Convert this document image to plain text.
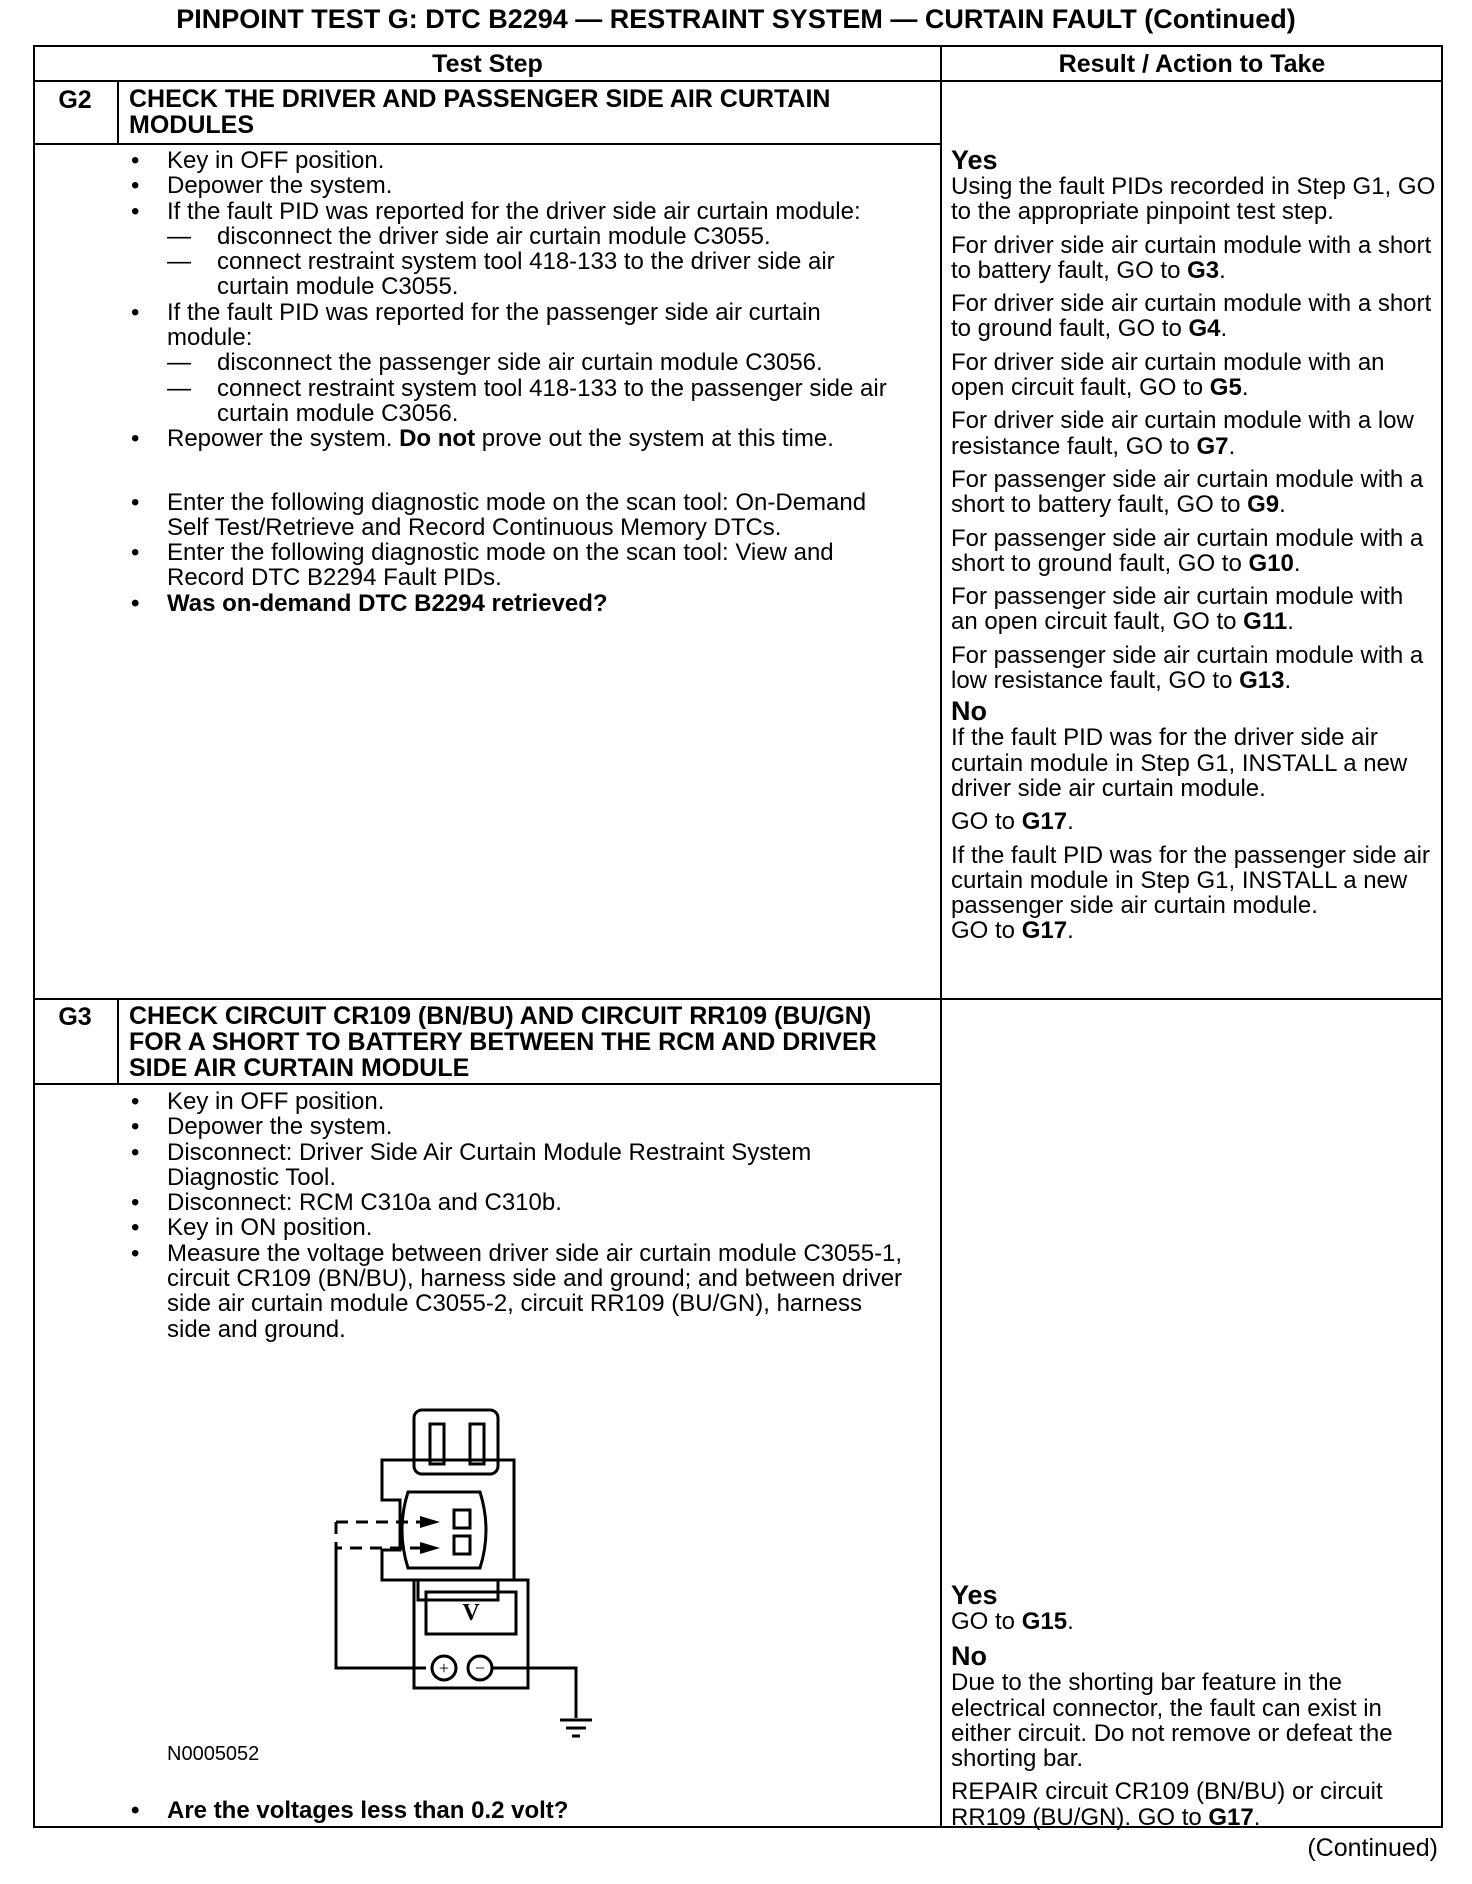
PINPOINT TEST G: DTC B2294 — RESTRAINT SYSTEM — CURTAIN FAULT (Continued)
Test Step	Result / Action to Take
G2	CHECK THE DRIVER AND PASSENGER SIDE AIR CURTAIN
MODULES
• Key in OFF position.
• Depower the system.
• If the fault PID was reported for the driver side air curtain module:
— disconnect the driver side air curtain module C3055.
— connect restraint system tool 418-133 to the driver side air curtain module C3055.
• If the fault PID was reported for the passenger side air curtain module:
— disconnect the passenger side air curtain module C3056.
— connect restraint system tool 418-133 to the passenger side air curtain module C3056.
• Repower the system. Do not prove out the system at this time.
• Enter the following diagnostic mode on the scan tool: On-Demand Self Test/Retrieve and Record Continuous Memory DTCs.
• Enter the following diagnostic mode on the scan tool: View and Record DTC B2294 Fault PIDs.
• Was on-demand DTC B2294 retrieved?
Yes

Using the fault PIDs recorded in Step G1, GO to the appropriate pinpoint test step.

For driver side air curtain module with a short to battery fault, GO to G3.

For driver side air curtain module with a short to ground fault, GO to G4.

For driver side air curtain module with an open circuit fault, GO to G5.

For driver side air curtain module with a low resistance fault, GO to G7.

For passenger side air curtain module with a short to battery fault, GO to G9.

For passenger side air curtain module with a short to ground fault, GO to G10.

For passenger side air curtain module with an open circuit fault, GO to G11.

For passenger side air curtain module with a low resistance fault, GO to G13.

No

If the fault PID was for the driver side air curtain module in Step G1, INSTALL a new driver side air curtain module.

GO to G17.

If the fault PID was for the passenger side air curtain module in Step G1, INSTALL a new passenger side air curtain module.

GO to G17.

G3	CHECK CIRCUIT CR109 (BN/BU) AND CIRCUIT RR109 (BU/GN)
FOR A SHORT TO BATTERY BETWEEN THE RCM AND DRIVER
SIDE AIR CURTAIN MODULE
• Key in OFF position.
• Depower the system.
• Disconnect: Driver Side Air Curtain Module Restraint System Diagnostic Tool.
• Disconnect: RCM C310a and C310b.
• Key in ON position.
• Measure the voltage between driver side air curtain module C3055-1, circuit CR109 (BN/BU), harness side and ground; and between driver side air curtain module C3055-2, circuit RR109 (BU/GN), harness side and ground.
+ −
V
N0005052
• Are the voltages less than 0.2 volt?
Yes

GO to G15.

No

Due to the shorting bar feature in the electrical connector, the fault can exist in either circuit. Do not remove or defeat the shorting bar.

REPAIR circuit CR109 (BN/BU) or circuit RR109 (BU/GN). GO to G17.

(Continued)
